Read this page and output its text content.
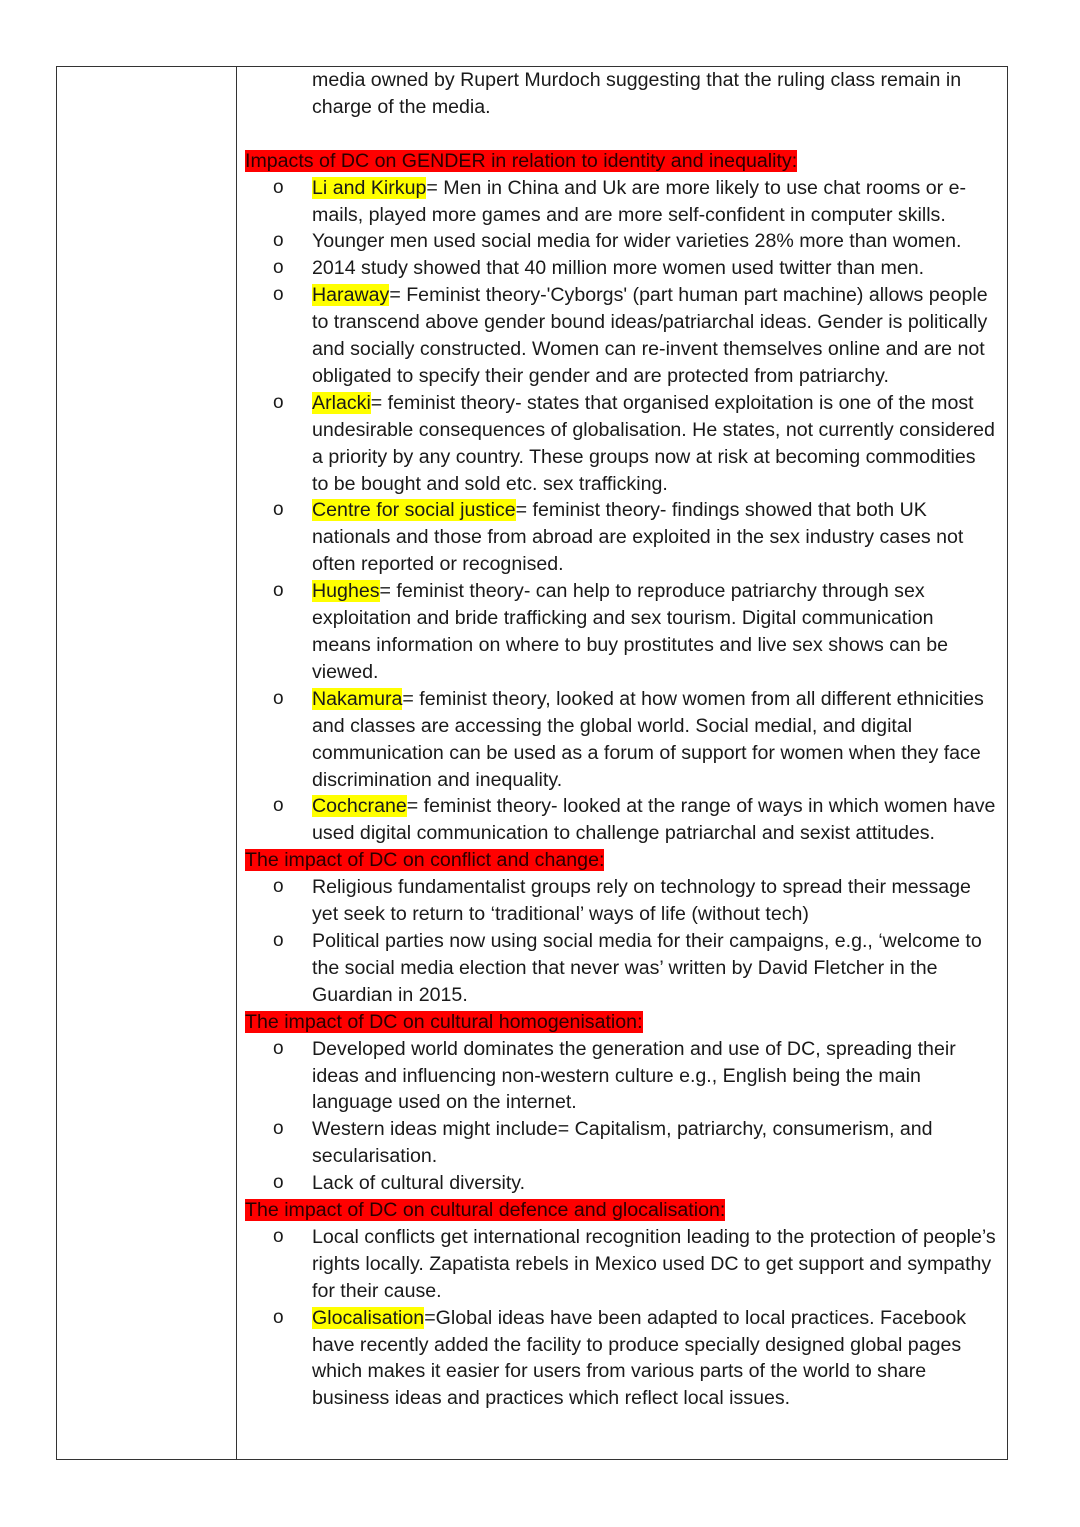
media owned by Rupert Murdoch suggesting that the ruling class remain in charge of the media.
Impacts of DC on GENDER in relation to identity and inequality:
o Li and Kirkup= Men in China and Uk are more likely to use chat rooms or e-mails, played more games and are more self-confident in computer skills.
o Younger men used social media for wider varieties 28% more than women.
o 2014 study showed that 40 million more women used twitter than men.
o Haraway= Feminist theory-'Cyborgs' (part human part machine) allows people to transcend above gender bound ideas/patriarchal ideas. Gender is politically and socially constructed. Women can re-invent themselves online and are not obligated to specify their gender and are protected from patriarchy.
o Arlacki= feminist theory- states that organised exploitation is one of the most undesirable consequences of globalisation. He states, not currently considered a priority by any country. These groups now at risk at becoming commodities to be bought and sold etc. sex trafficking.
o Centre for social justice= feminist theory- findings showed that both UK nationals and those from abroad are exploited in the sex industry cases not often reported or recognised.
o Hughes= feminist theory- can help to reproduce patriarchy through sex exploitation and bride trafficking and sex tourism. Digital communication means information on where to buy prostitutes and live sex shows can be viewed.
o Nakamura= feminist theory, looked at how women from all different ethnicities and classes are accessing the global world. Social medial, and digital communication can be used as a forum of support for women when they face discrimination and inequality.
o Cochcrane= feminist theory- looked at the range of ways in which women have used digital communication to challenge patriarchal and sexist attitudes.
The impact of DC on conflict and change:
o Religious fundamentalist groups rely on technology to spread their message yet seek to return to ‘traditional’ ways of life (without tech)
o Political parties now using social media for their campaigns, e.g., ‘welcome to the social media election that never was’ written by David Fletcher in the Guardian in 2015.
The impact of DC on cultural homogenisation:
o Developed world dominates the generation and use of DC, spreading their ideas and influencing non-western culture e.g., English being the main language used on the internet.
o Western ideas might include= Capitalism, patriarchy, consumerism, and secularisation.
o Lack of cultural diversity.
The impact of DC on cultural defence and glocalisation:
o Local conflicts get international recognition leading to the protection of people’s rights locally. Zapatista rebels in Mexico used DC to get support and sympathy for their cause.
o Glocalisation=Global ideas have been adapted to local practices. Facebook have recently added the facility to produce specially designed global pages which makes it easier for users from various parts of the world to share business ideas and practices which reflect local issues.
